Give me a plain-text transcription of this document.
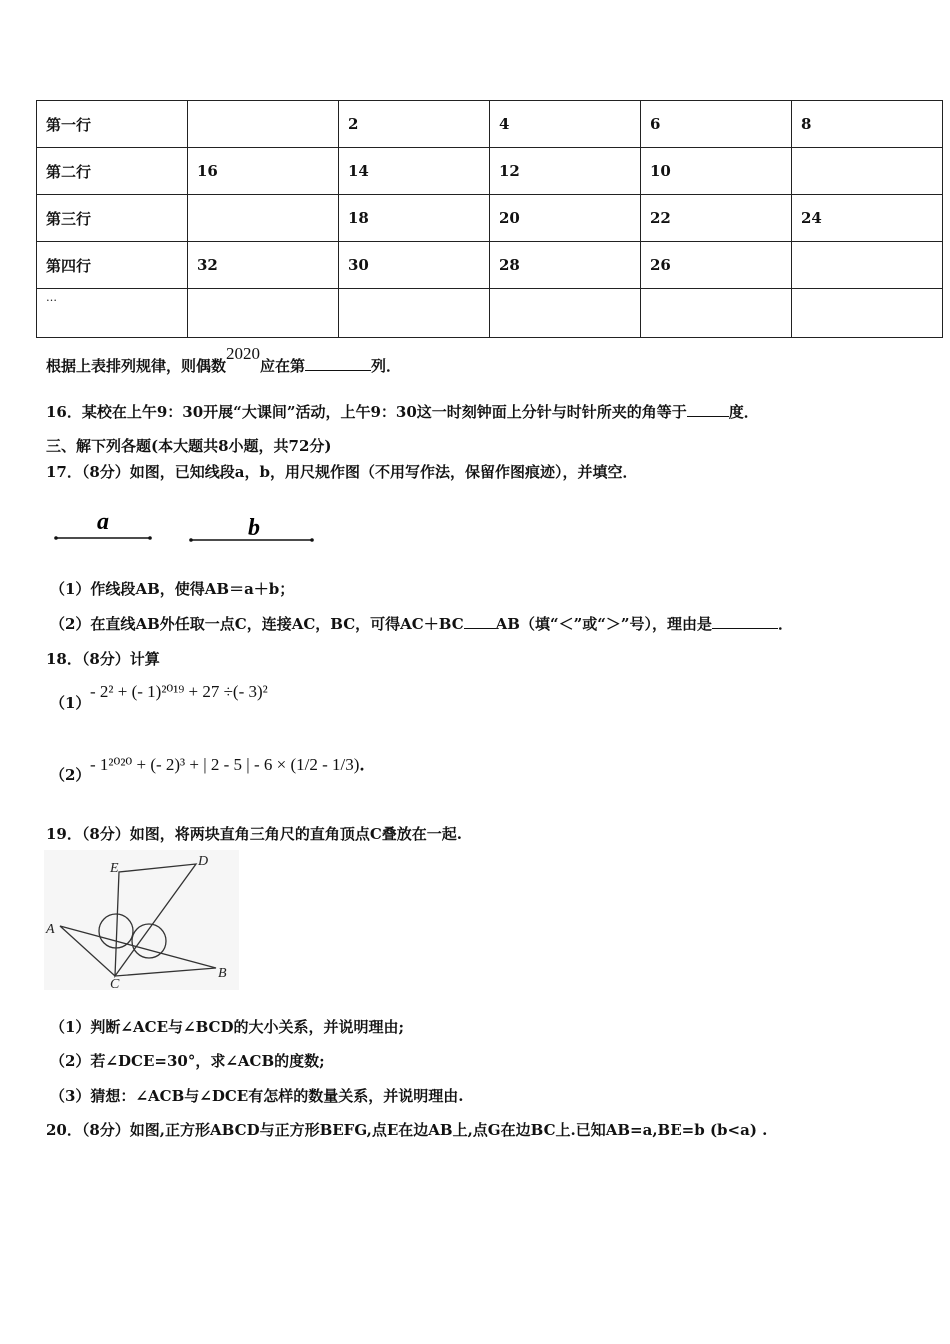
第一行		2	4	6	8
第二行	16	14	12	10	
第三行		18	20	22	24
第四行	32	30	28	26	
…					
根据上表排列规律，则偶数2020应在第	列．
16．某校在上午9：30开展“大课间”活动，上午9：30这一时刻钟面上分针与时针所夹的角等于	度．
三、解下列各题(本大题共8小题，共72分)
17．（8分）如图，已知线段a，b，用尺规作图（不用写作法，保留作图痕迹），并填空．
a	b
（1）作线段AB，使得AB＝a＋b；
（2）在直线AB外任取一点C，连接AC，BC，可得AC＋BC AB（填“＜”或“＞”号），理由是	．
18．（8分）计算
（1）
- 2² + (- 1)²⁰¹⁹ + 27 ÷(- 3)²
（2）
- 1²⁰²⁰ + (- 2)³ + | 2 - 5 | - 6 × (1/2 - 1/3)．
19．（8分）如图，将两块直角三角尺的直角顶点C叠放在一起.
A
B
C
D
E
（1）判断∠ACE与∠BCD的大小关系，并说明理由;
（2）若∠DCE=30°，求∠ACB的度数;
（3）猜想：∠ACB与∠DCE有怎样的数量关系，并说明理由.
20．（8分）如图,正方形ABCD与正方形BEFG,点E在边AB上,点G在边BC上.已知AB=a,BE=b (b<a) .
